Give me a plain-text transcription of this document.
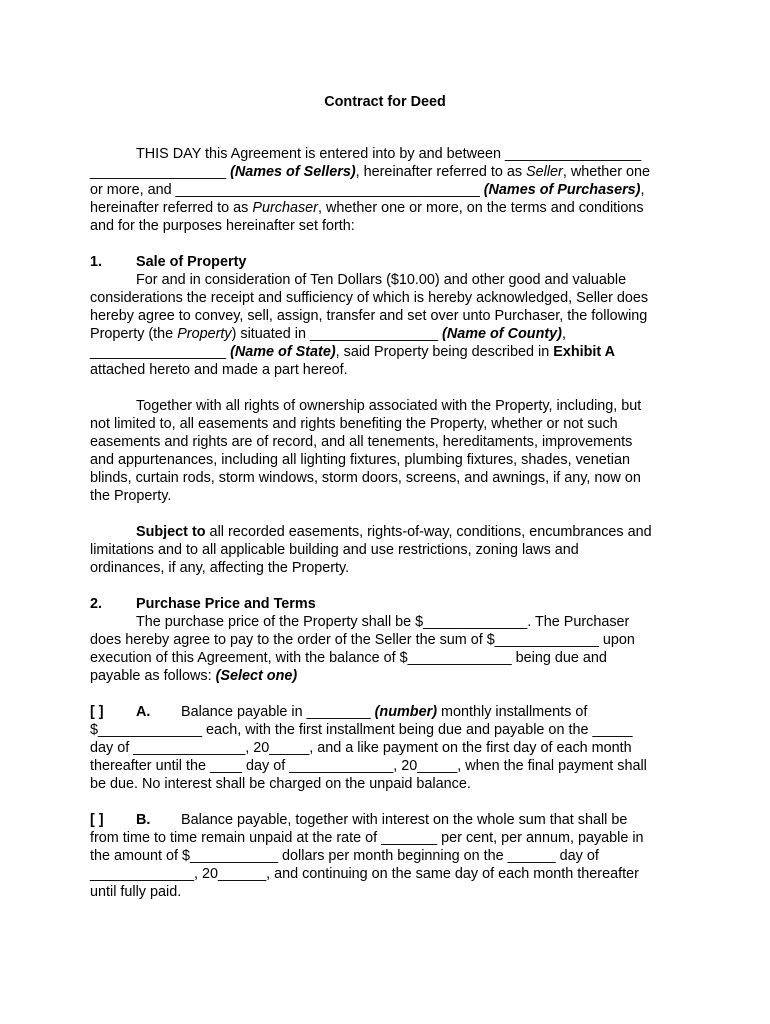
Contract for Deed
THIS DAY this Agreement is entered into by and between _________________
_________________ (Names of Sellers), hereinafter referred to as Seller, whether one
or more, and ______________________________________ (Names of Purchasers),
hereinafter referred to as Purchaser, whether one or more, on the terms and conditions
and for the purposes hereinafter set forth:
1. Sale of Property
For and in consideration of Ten Dollars ($10.00) and other good and valuable
considerations the receipt and sufficiency of which is hereby acknowledged, Seller does
hereby agree to convey, sell, assign, transfer and set over unto Purchaser, the following
Property (the Property) situated in ________________ (Name of County),
_________________ (Name of State), said Property being described in Exhibit A
attached hereto and made a part hereof.
Together with all rights of ownership associated with the Property, including, but
not limited to, all easements and rights benefiting the Property, whether or not such
easements and rights are of record, and all tenements, hereditaments, improvements
and appurtenances, including all lighting fixtures, plumbing fixtures, shades, venetian
blinds, curtain rods, storm windows, storm doors, screens, and awnings, if any, now on
the Property.
Subject to all recorded easements, rights-of-way, conditions, encumbrances and
limitations and to all applicable building and use restrictions, zoning laws and
ordinances, if any, affecting the Property.
2. Purchase Price and Terms
The purchase price of the Property shall be $_____________. The Purchaser
does hereby agree to pay to the order of the Seller the sum of $_____________ upon
execution of this Agreement, with the balance of $_____________ being due and
payable as follows: (Select one)
[ ] A. Balance payable in ________ (number) monthly installments of
$_____________ each, with the first installment being due and payable on the _____
day of ______________, 20_____, and a like payment on the first day of each month
thereafter until the ____ day of _____________, 20_____, when the final payment shall
be due. No interest shall be charged on the unpaid balance.
[ ] B. Balance payable, together with interest on the whole sum that shall be
from time to time remain unpaid at the rate of _______ per cent, per annum, payable in
the amount of $___________ dollars per month beginning on the ______ day of
_____________, 20______, and continuing on the same day of each month thereafter
until fully paid.
